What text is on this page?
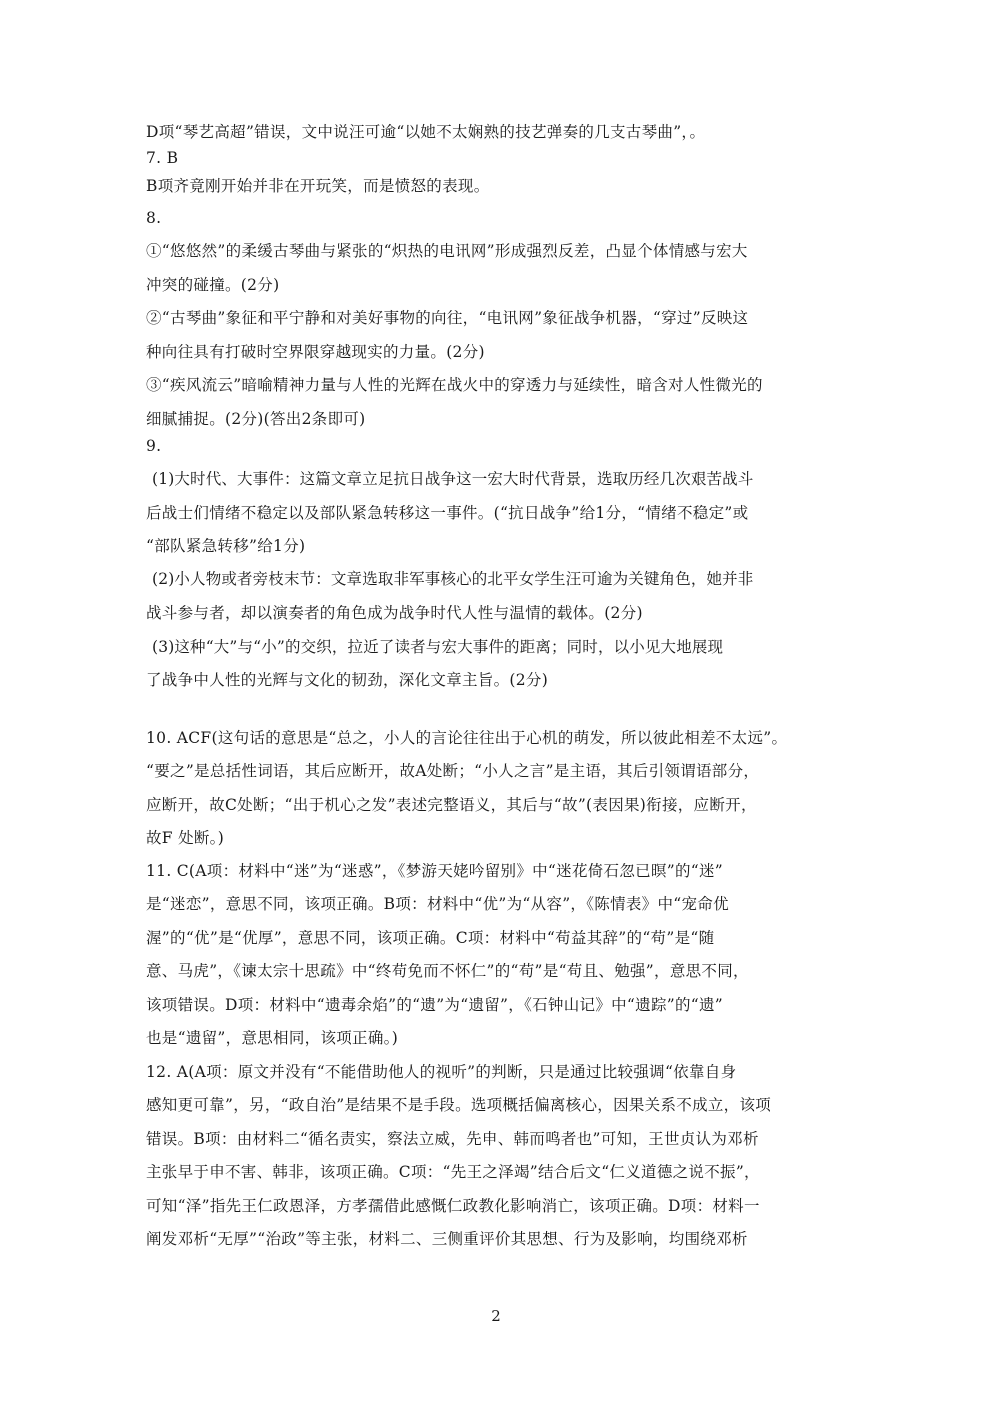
D项“琴艺高超”错误，文中说汪可逾“以她不太娴熟的技艺弹奏的几支古琴曲”，。
7. B
B项齐竟刚开始并非在开玩笑，而是愤怒的表现。
8.
①“悠悠然”的柔缓古琴曲与紧张的“炽热的电讯网”形成强烈反差，凸显个体情感与宏大
冲突的碰撞。(2分)
②“古琴曲”象征和平宁静和对美好事物的向往，“电讯网”象征战争机器，“穿过”反映这
种向往具有打破时空界限穿越现实的力量。(2分)
③“疾风流云”暗喻精神力量与人性的光辉在战火中的穿透力与延续性，暗含对人性微光的
细腻捕捉。(2分)(答出2条即可)
9.
(1)大时代、大事件：这篇文章立足抗日战争这一宏大时代背景，选取历经几次艰苦战斗
后战士们情绪不稳定以及部队紧急转移这一事件。(“抗日战争”给1分，“情绪不稳定”或
“部队紧急转移”给1分)
(2)小人物或者旁枝末节：文章选取非军事核心的北平女学生汪可逾为关键角色，她并非
战斗参与者，却以演奏者的角色成为战争时代人性与温情的载体。(2分)
(3)这种“大”与“小”的交织，拉近了读者与宏大事件的距离；同时，以小见大地展现
了战争中人性的光辉与文化的韧劲，深化文章主旨。(2分)
10. ACF(这句话的意思是“总之，小人的言论往往出于心机的萌发，所以彼此相差不太远”。
“要之”是总括性词语，其后应断开，故A处断；“小人之言”是主语，其后引领谓语部分，
应断开，故C处断；“出于机心之发”表述完整语义，其后与“故”(表因果)衔接，应断开，
故F 处断。)
11. C(A项：材料中“迷”为“迷惑”，《梦游天姥吟留别》中“迷花倚石忽已暝”的“迷”
是“迷恋”，意思不同，该项正确。B项：材料中“优”为“从容”，《陈情表》中“宠命优
渥”的“优”是“优厚”，意思不同，该项正确。C项：材料中“苟益其辞”的“苟”是“随
意、马虎”，《谏太宗十思疏》中“终苟免而不怀仁”的“苟”是“苟且、勉强”，意思不同，
该项错误。D项：材料中“遗毒余焰”的“遗”为“遗留”，《石钟山记》中“遗踪”的“遗”
也是“遗留”，意思相同，该项正确。)
12. A(A项：原文并没有“不能借助他人的视听”的判断，只是通过比较强调“依靠自身
感知更可靠”，另，“政自治”是结果不是手段。选项概括偏离核心，因果关系不成立，该项
错误。B项：由材料二“循名责实，察法立威，先申、韩而鸣者也”可知，王世贞认为邓析
主张早于申不害、韩非，该项正确。C项：“先王之泽竭”结合后文“仁义道德之说不振”，
可知“泽”指先王仁政恩泽，方孝孺借此感慨仁政教化影响消亡，该项正确。D项：材料一
阐发邓析“无厚”“治政”等主张，材料二、三侧重评价其思想、行为及影响，均围绕邓析
2
